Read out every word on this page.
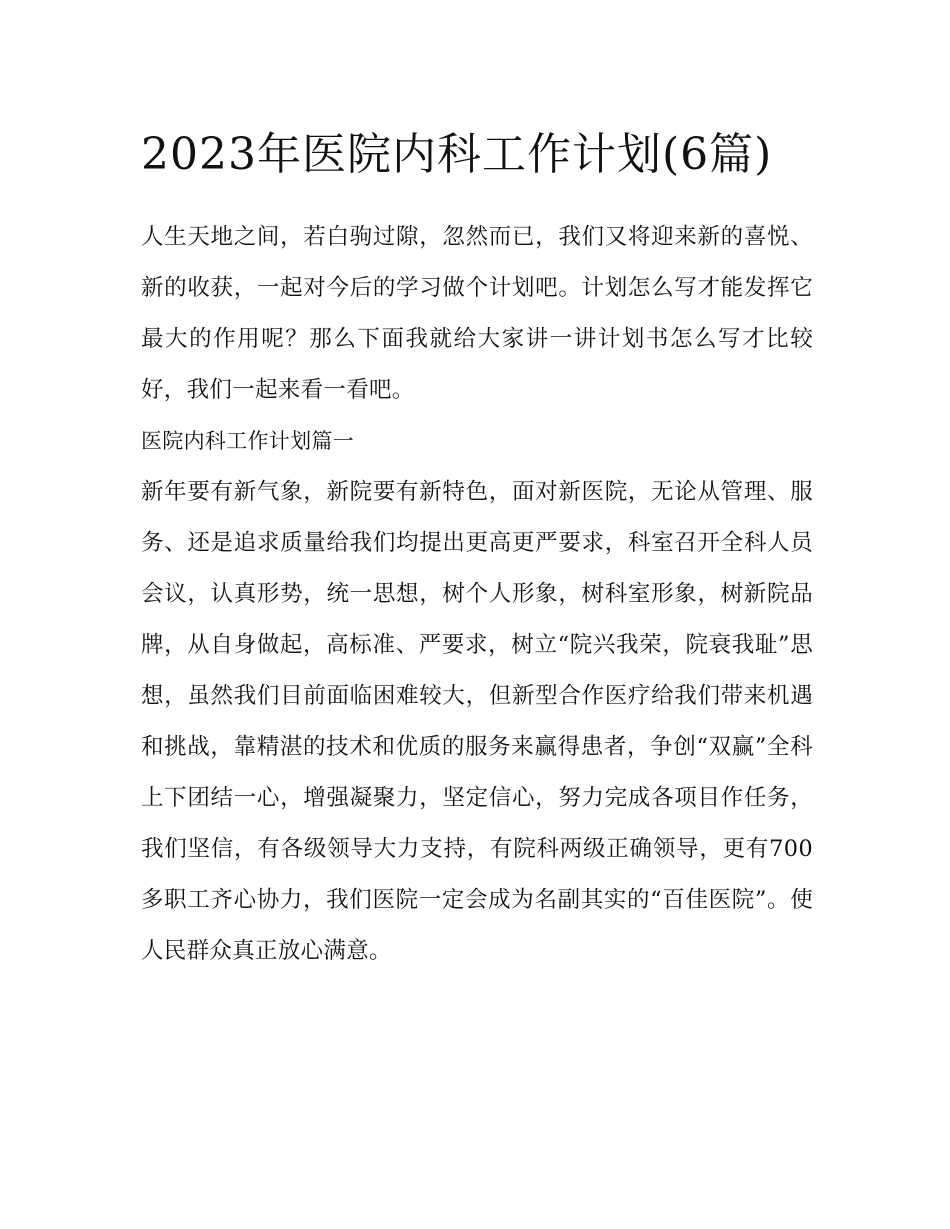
2023年医院内科工作计划(6篇)

人生天地之间，若白驹过隙，忽然而已，我们又将迎来新的喜悦、新的收获，一起对今后的学习做个计划吧。计划怎么写才能发挥它最大的作用呢？那么下面我就给大家讲一讲计划书怎么写才比较好，我们一起来看一看吧。

医院内科工作计划篇一

新年要有新气象，新院要有新特色，面对新医院，无论从管理、服务、还是追求质量给我们均提出更高更严要求，科室召开全科人员会议，认真形势，统一思想，树个人形象，树科室形象，树新院品牌，从自身做起，高标准、严要求，树立“院兴我荣，院衰我耻”思想，虽然我们目前面临困难较大，但新型合作医疗给我们带来机遇和挑战，靠精湛的技术和优质的服务来赢得患者，争创“双赢”全科上下团结一心，增强凝聚力，坚定信心，努力完成各项目作任务，我们坚信，有各级领导大力支持，有院科两级正确领导，更有700多职工齐心协力，我们医院一定会成为名副其实的“百佳医院”。使人民群众真正放心满意。
